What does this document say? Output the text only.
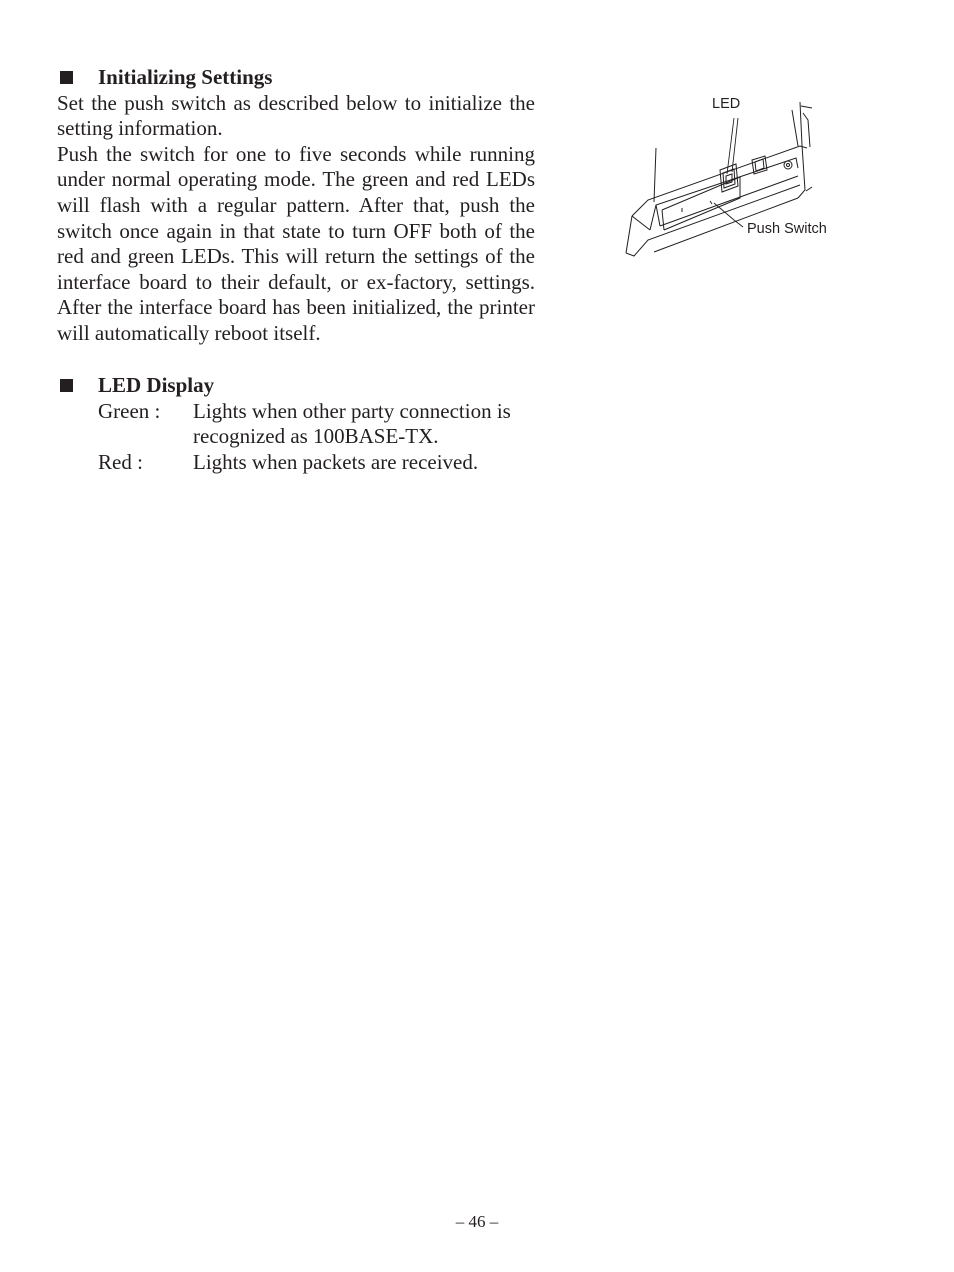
Initializing Settings
Set the push switch as described below to initialize the setting information.
Push the switch for one to five seconds while running under normal operating mode. The green and red LEDs will flash with a regular pattern. After that, push the switch once again in that state to turn OFF both of the red and green LEDs. This will return the settings of the interface board to their default, or ex-factory, settings. After the interface board has been initialized, the printer will automatically reboot itself.
LED Display
Green :	Lights when other party connection is recognized as 100BASE-TX.
Red :	Lights when packets are received.
LED
Push Switch
– 46 –
